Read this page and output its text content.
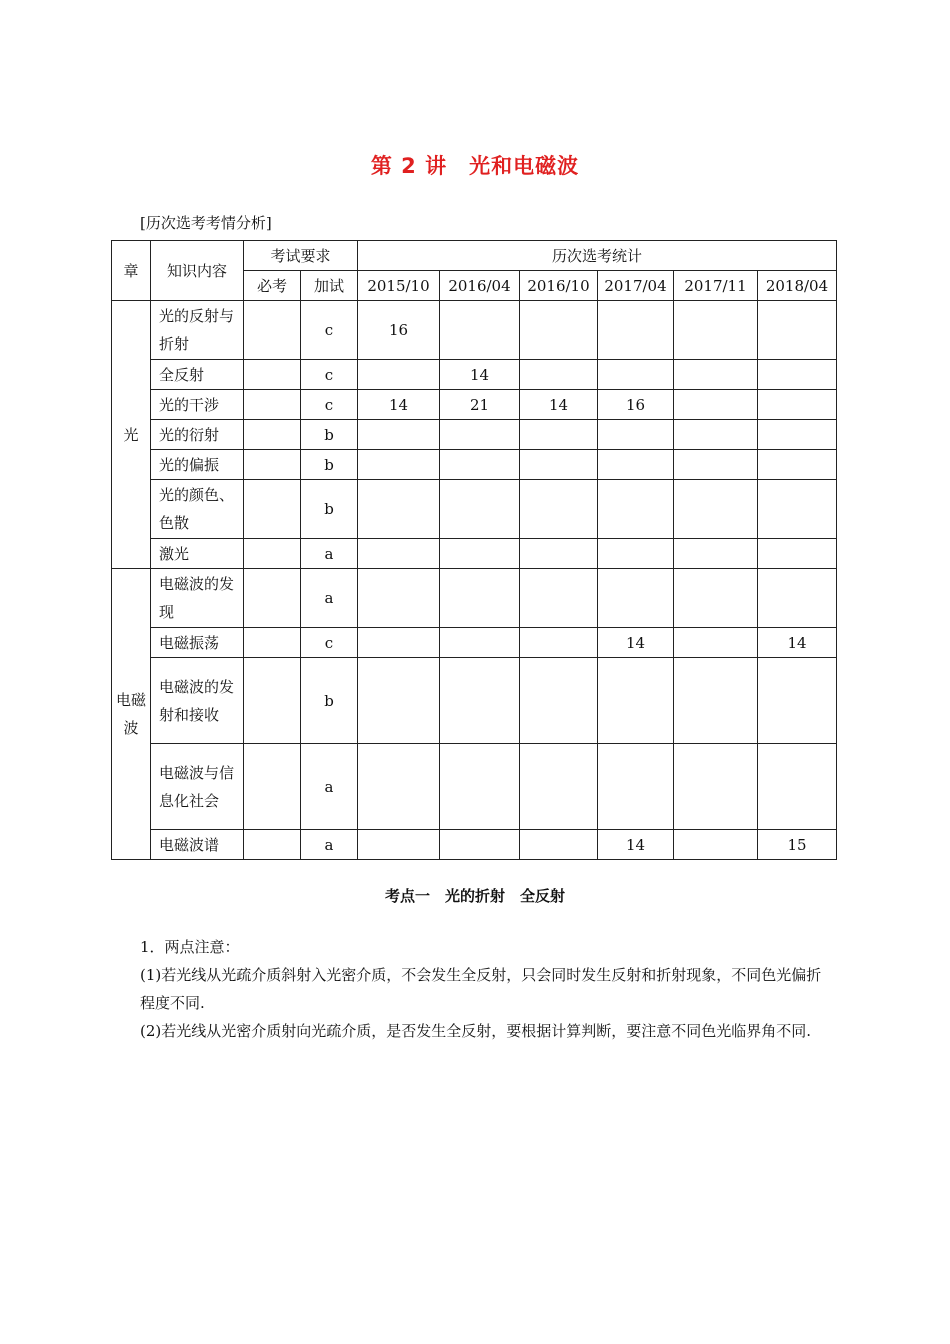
第 2 讲　光和电磁波
[历次选考考情分析]
章	知识内容	考试要求		历次选考统计					
		必考	加试	2015/10	2016/04	2016/10	2017/04	2017/11	2018/04
光	光的反射与折射		c	16					
	全反射		c		14				
	光的干涉		c	14	21	14	16		
	光的衍射		b						
	光的偏振		b						
	光的颜色、色散		b						
	激光		a						
电磁波	电磁波的发现		a						
	电磁振荡		c				14		14
	电磁波的发射和接收		b						
	电磁波与信息化社会		a						
	电磁波谱		a				14		15
考点一　光的折射　全反射

1．两点注意：

(1)若光线从光疏介质斜射入光密介质，不会发生全反射，只会同时发生反射和折射现象，不同色光偏折程度不同.

(2)若光线从光密介质射向光疏介质，是否发生全反射，要根据计算判断，要注意不同色光临界角不同.
